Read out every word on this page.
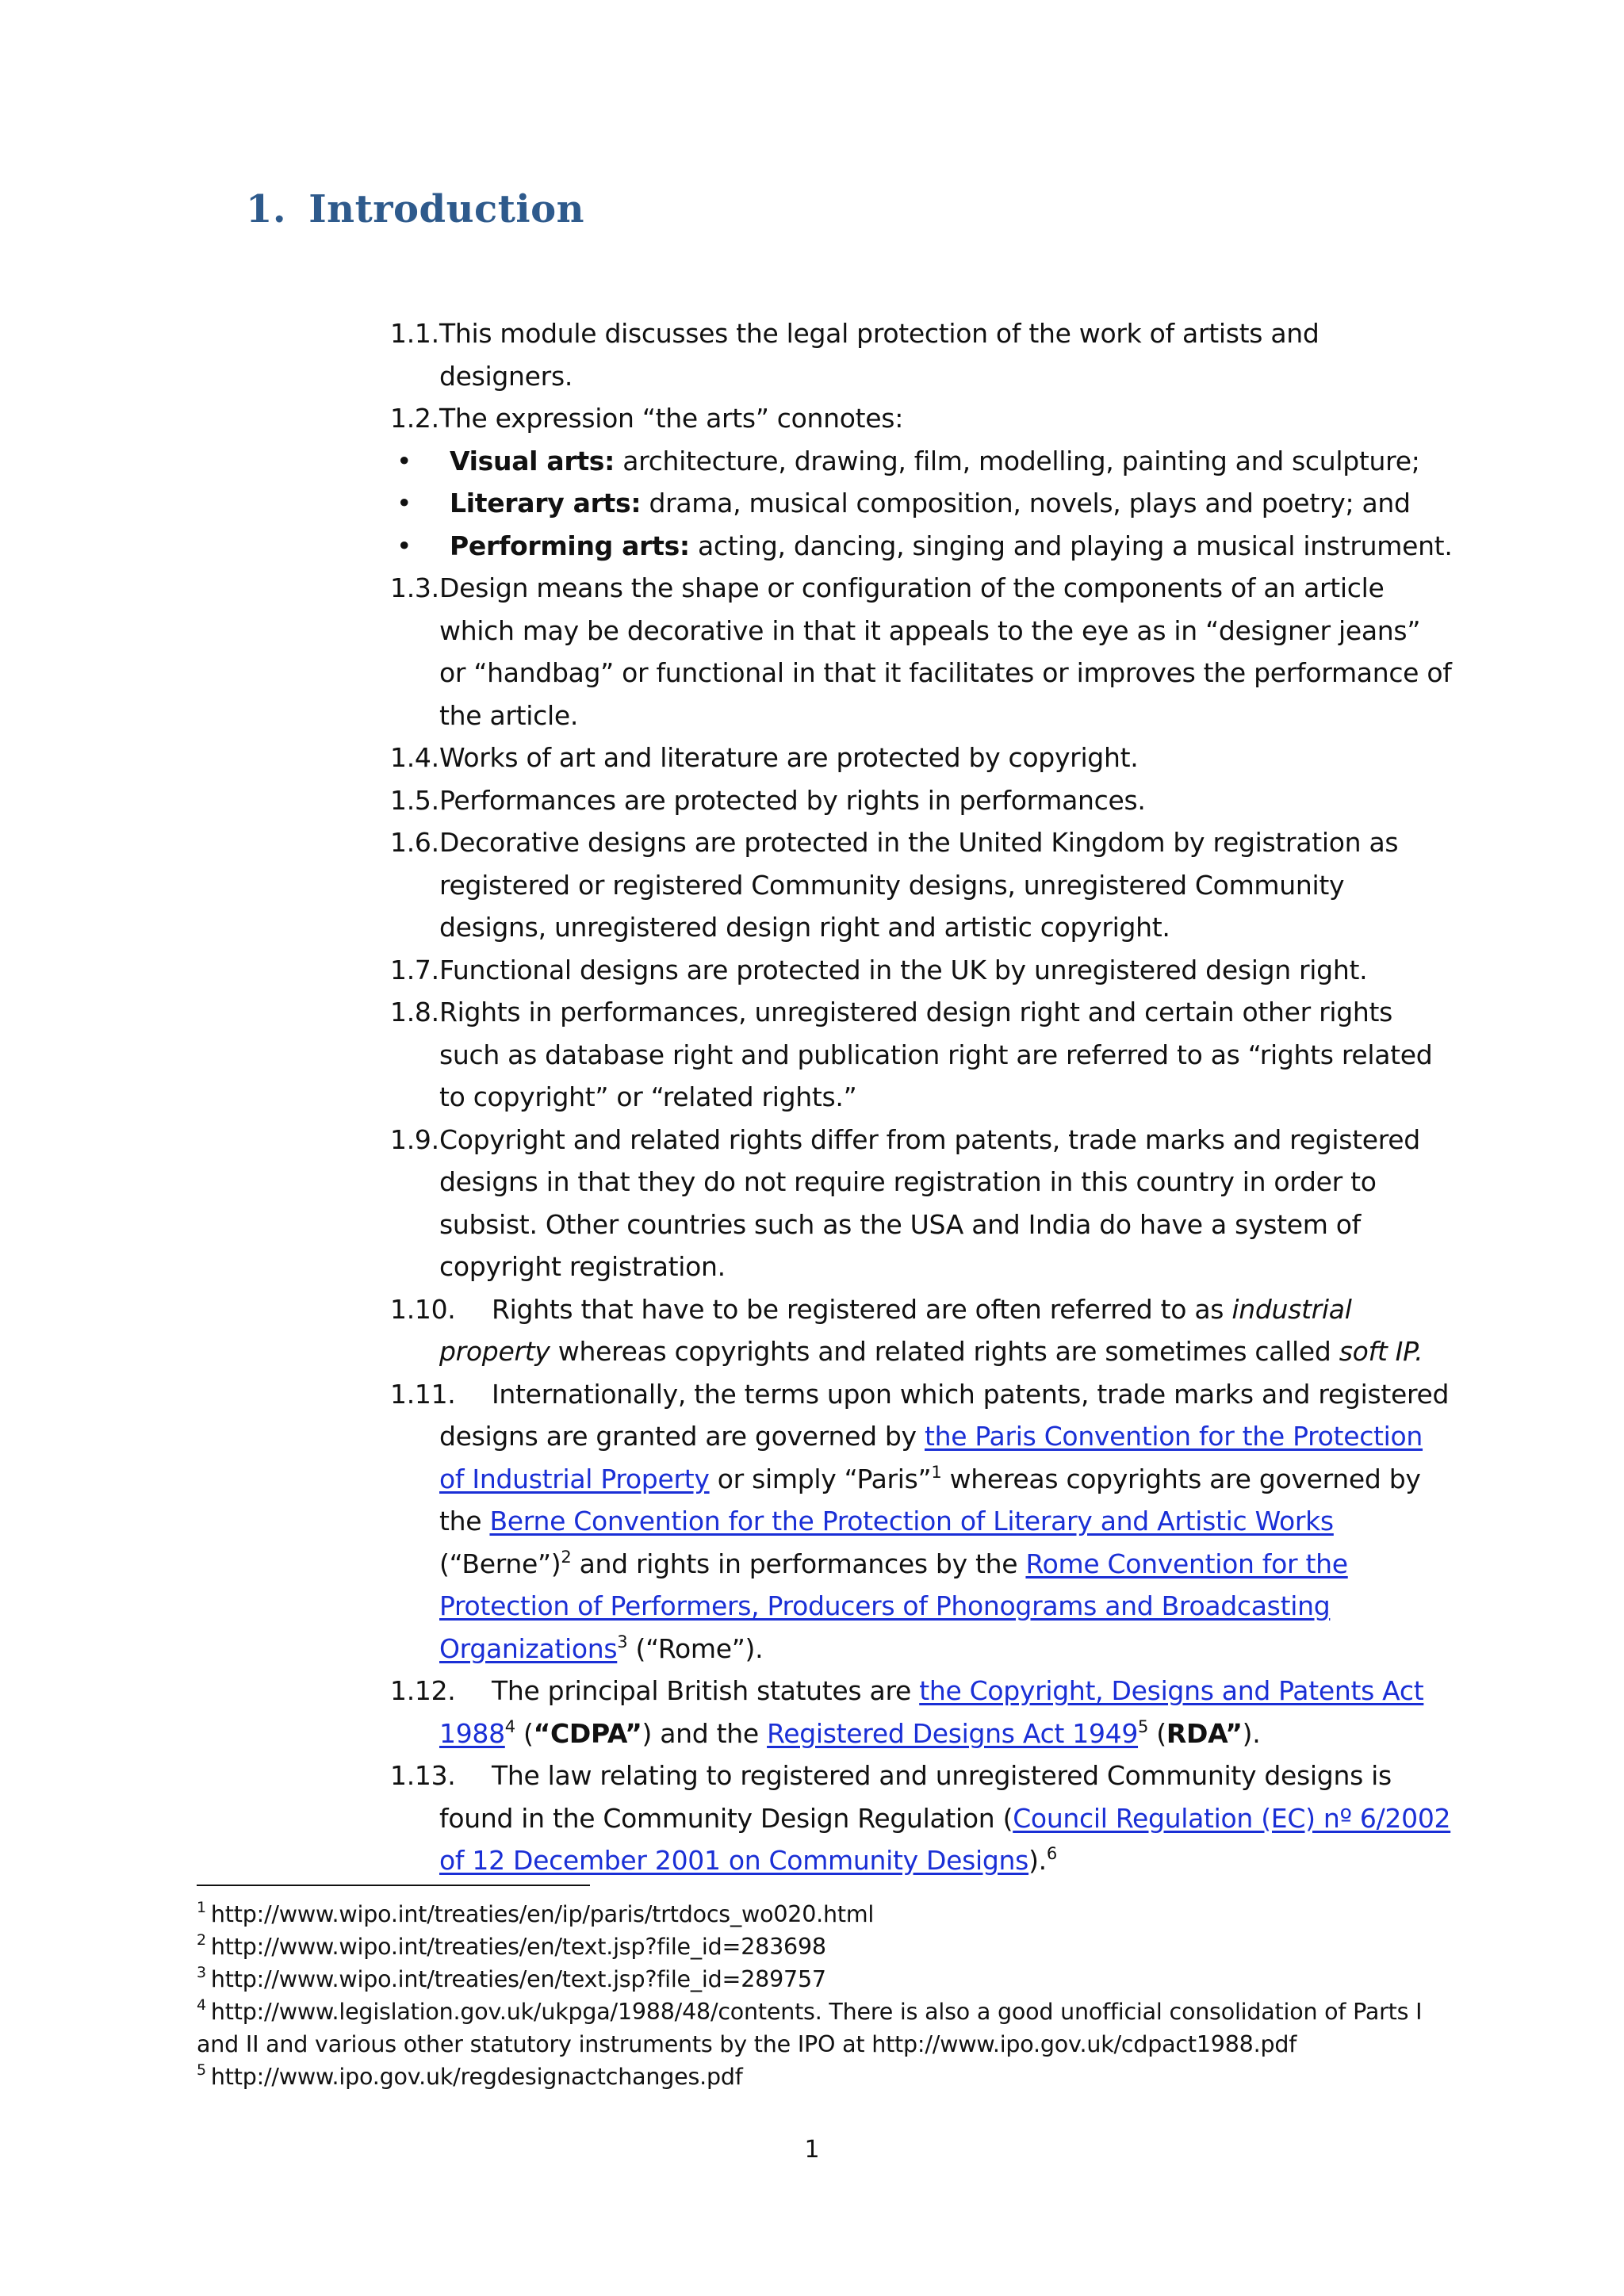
1. Introduction

1.1. This module discusses the legal protection of the work of artists and designers.

1.2. The expression “the arts” connotes:

• Visual arts: architecture, drawing, film, modelling, painting and sculpture;

• Literary arts: drama, musical composition, novels, plays and poetry; and

• Performing arts: acting, dancing, singing and playing a musical instrument.

1.3. Design means the shape or configuration of the components of an article which may be decorative in that it appeals to the eye as in “designer jeans” or “handbag” or functional in that it facilitates or improves the performance of the article.

1.4. Works of art and literature are protected by copyright.

1.5. Performances are protected by rights in performances.

1.6. Decorative designs are protected in the United Kingdom by registration as registered or registered Community designs, unregistered Community designs, unregistered design right and artistic copyright.

1.7. Functional designs are protected in the UK by unregistered design right.

1.8. Rights in performances, unregistered design right and certain other rights such as database right and publication right are referred to as “rights related to copyright” or “related rights.”

1.9. Copyright and related rights differ from patents, trade marks and registered designs in that they do not require registration in this country in order to subsist. Other countries such as the USA and India do have a system of copyright registration.

1.10. Rights that have to be registered are often referred to as industrial property whereas copyrights and related rights are sometimes called soft IP.

1.11. Internationally, the terms upon which patents, trade marks and registered designs are granted are governed by the Paris Convention for the Protection of Industrial Property or simply “Paris”$^1$ whereas copyrights are governed by the Berne Convention for the Protection of Literary and Artistic Works (“Berne”)$^2$ and rights in performances by the Rome Convention for the Protection of Performers, Producers of Phonograms and Broadcasting Organizations$^3$ (“Rome”).

1.12. The principal British statutes are the Copyright, Designs and Patents Act 1988$^4$ (“CDPA”) and the Registered Designs Act 1949$^5$ (RDA”).

1.13. The law relating to registered and unregistered Community designs is found in the Community Design Regulation (Council Regulation (EC) nº 6/2002 of 12 December 2001 on Community Designs).$^6$

$^1$ http://www.wipo.int/treaties/en/ip/paris/trtdocs_wo020.html

$^2$ http://www.wipo.int/treaties/en/text.jsp?file_id=283698

$^3$ http://www.wipo.int/treaties/en/text.jsp?file_id=289757

$^4$ http://www.legislation.gov.uk/ukpga/1988/48/contents. There is also a good unofficial consolidation of Parts I and II and various other statutory instruments by the IPO at http://www.ipo.gov.uk/cdpact1988.pdf

$^5$ http://www.ipo.gov.uk/regdesignactchanges.pdf

1
